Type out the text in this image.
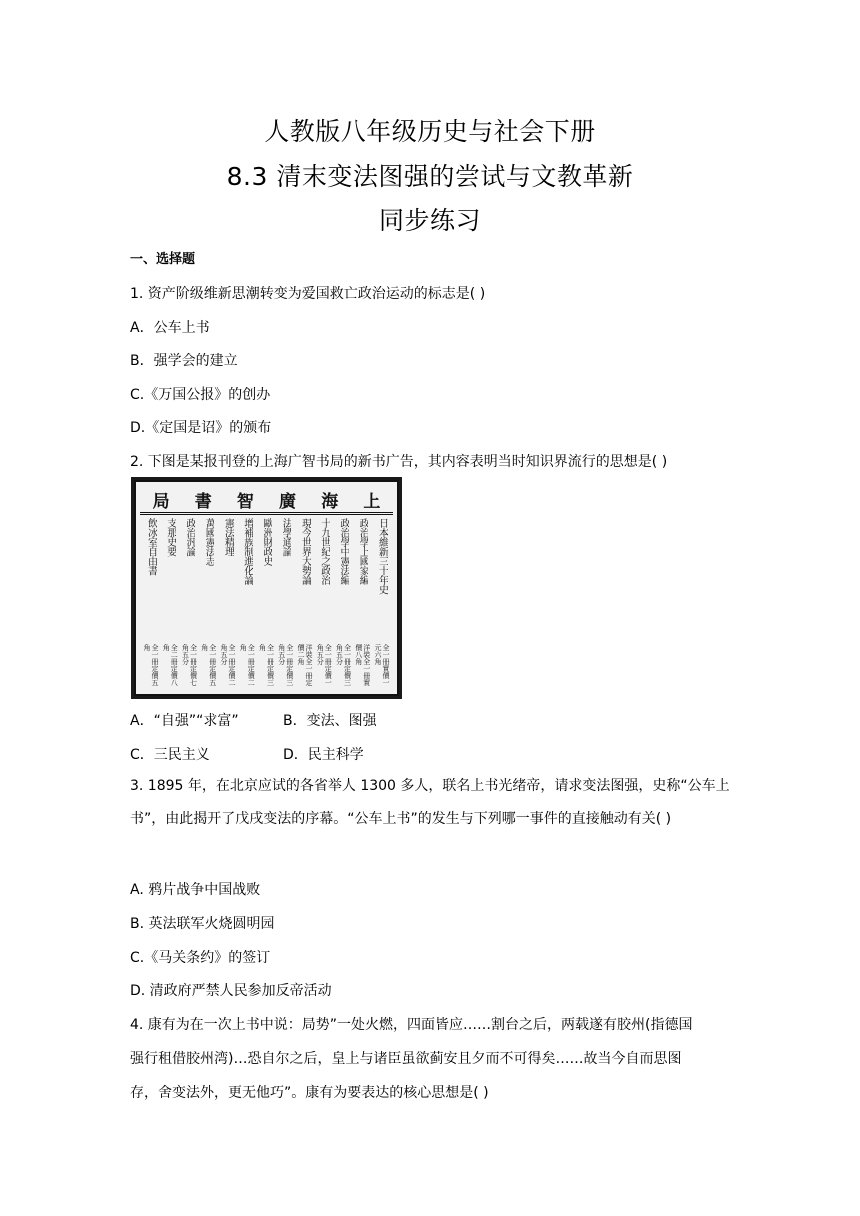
人教版八年级历史与社会下册
8.3 清末变法图强的尝试与文教革新
同步练习
一、选择题
1. 资产阶级维新思潮转变为爱国救亡政治运动的标志是( )
A．公车上书
B．强学会的建立
C.《万国公报》的创办
D.《定国是诏》的颁布
2. 下图是某报刊登的上海广智书局的新书广告，其内容表明当时知识界流行的思想是( )
上
海
廣
智
書
局
日本維新三十年史
全一冊實價一元六角
政治學上國家編
洋裝全一冊實價八角
政治學中憲法編
全一冊定價三角五分
十九世紀之政治
全一冊定價一角五分
現今世界大勢論
洋裝全一冊定價二角
法學通論
全一冊定價三角五分
歐洲財政史
全一冊定價三角
增補族制進化論
全一冊定價二角
憲法精理
全一冊定價二角五分
萬國憲法志
全一冊定價五角
政治汎論
全一冊定價七角五分
支那史要
全二冊定價八角
飲冰室自由書
全一冊定價五角
A．“自强”“求富”	B．变法、图强
C．三民主义	D．民主科学
3. 1895 年，在北京应试的各省举人 1300 多人，联名上书光绪帝，请求变法图强，史称“公车上书”，由此揭开了戊戌变法的序幕。“公车上书”的发生与下列哪一事件的直接触动有关( )
A. 鸦片战争中国战败
B. 英法联军火烧圆明园
C.《马关条约》的签订
D. 清政府严禁人民参加反帝活动
4. 康有为在一次上书中说：局势”一处火燃，四面皆应……割台之后，两载遂有胶州(指德国
强行租借胶州湾)…恐自尔之后，皇上与诸臣虽欲蓟安且夕而不可得矣……故当今自而思图
存，舍变法外，更无他巧”。康有为要表达的核心思想是( )
